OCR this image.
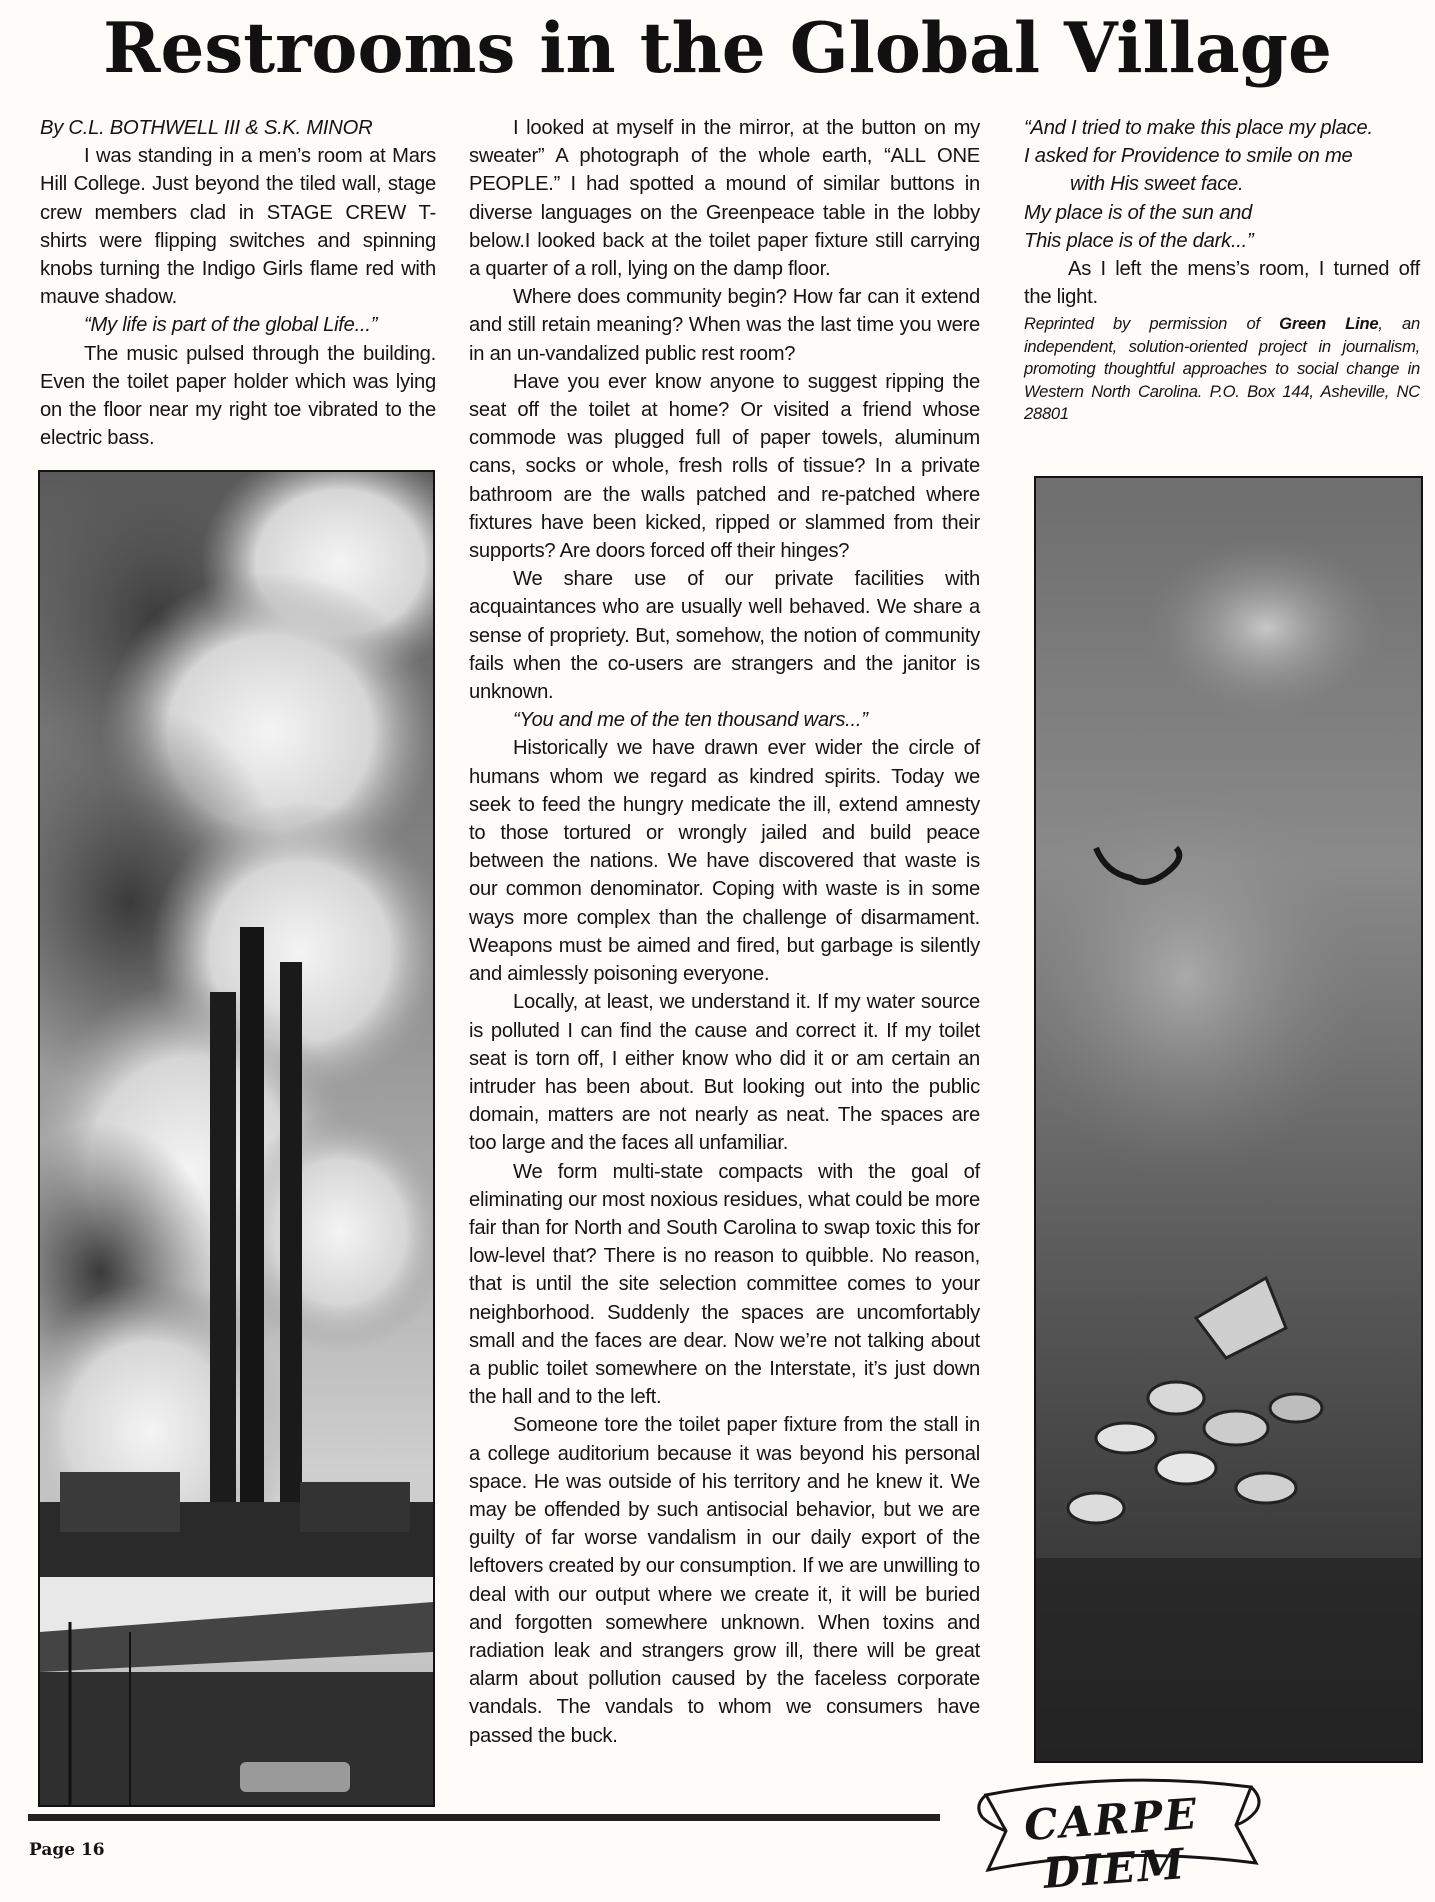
Restrooms in the Global Village

By C.L. BOTHWELL III & S.K. MINOR

I was standing in a men’s room at Mars Hill College. Just beyond the tiled wall, stage crew members clad in STAGE CREW T-shirts were flipping switches and spinning knobs turning the Indigo Girls flame red with mauve shadow.

“My life is part of the global Life...”

The music pulsed through the building. Even the toilet paper holder which was lying on the floor near my right toe vibrated to the electric bass.

I looked at myself in the mirror, at the button on my sweater” A photograph of the whole earth, “ALL ONE PEOPLE.” I had spotted a mound of similar buttons in diverse languages on the Greenpeace table in the lobby below.I looked back at the toilet paper fixture still carrying a quarter of a roll, lying on the damp floor.

Where does community begin? How far can it extend and still retain meaning? When was the last time you were in an un-vandalized public rest room?

Have you ever know anyone to suggest ripping the seat off the toilet at home? Or visited a friend whose commode was plugged full of paper towels, aluminum cans, socks or whole, fresh rolls of tissue? In a private bathroom are the walls patched and re-patched where fixtures have been kicked, ripped or slammed from their supports? Are doors forced off their hinges?

We share use of our private facilities with acquaintances who are usually well behaved. We share a sense of propriety. But, somehow, the notion of community fails when the co-users are strangers and the janitor is unknown.

“You and me of the ten thousand wars...”

Historically we have drawn ever wider the circle of humans whom we regard as kindred spirits. Today we seek to feed the hungry medicate the ill, extend amnesty to those tortured or wrongly jailed and build peace between the nations. We have discovered that waste is our common denominator. Coping with waste is in some ways more complex than the challenge of disarmament. Weapons must be aimed and fired, but garbage is silently and aimlessly poisoning everyone.

Locally, at least, we understand it. If my water source is polluted I can find the cause and correct it. If my toilet seat is torn off, I either know who did it or am certain an intruder has been about. But looking out into the public domain, matters are not nearly as neat. The spaces are too large and the faces all unfamiliar.

We form multi-state compacts with the goal of eliminating our most noxious residues, what could be more fair than for North and South Carolina to swap toxic this for low-level that? There is no reason to quibble. No reason, that is until the site selection committee comes to your neighborhood. Suddenly the spaces are uncomfortably small and the faces are dear. Now we’re not talking about a public toilet somewhere on the Interstate, it’s just down the hall and to the left.

Someone tore the toilet paper fixture from the stall in a college auditorium because it was beyond his personal space. He was outside of his territory and he knew it. We may be offended by such antisocial behavior, but we are guilty of far worse vandalism in our daily export of the leftovers created by our consumption. If we are unwilling to deal with our output where we create it, it will be buried and forgotten somewhere unknown. When toxins and radiation leak and strangers grow ill, there will be great alarm about pollution caused by the faceless corporate vandals. The vandals to whom we consumers have passed the buck.

“And I tried to make this place my place.

I asked for Providence to smile on me

with His sweet face.

My place is of the sun and

This place is of the dark...”

As I left the mens’s room, I turned off the light.

Reprinted by permission of Green Line, an independent, solution-oriented project in journalism, promoting thoughtful approaches to social change in Western North Carolina. P.O. Box 144, Asheville, NC 28801

Page 16	CARPE DIEM
